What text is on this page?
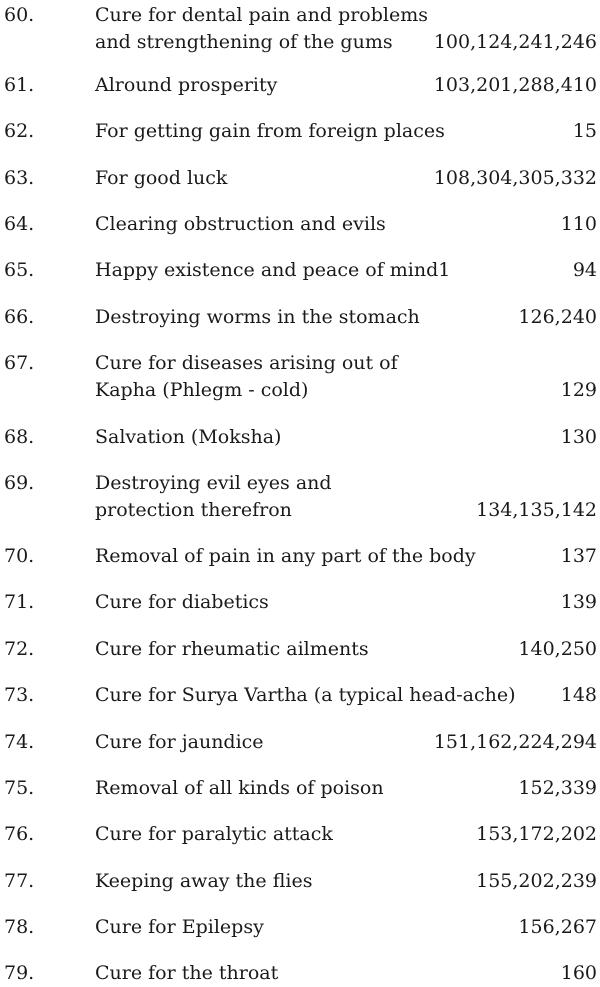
60.	Cure for dental pain and problems
and strengthening of the gums	100,124,241,246
61.	Alround prosperity	103,201,288,410
62.	For getting gain from foreign places	15
63.	For good luck	108,304,305,332
64.	Clearing obstruction and evils	110
65.	Happy existence and peace of mind1	94
66.	Destroying worms in the stomach	126,240
67.	Cure for diseases arising out of
Kapha (Phlegm - cold)	129
68.	Salvation (Moksha)	130
69.	Destroying evil eyes and
protection therefron	134,135,142
70.	Removal of pain in any part of the body	137
71.	Cure for diabetics	139
72.	Cure for rheumatic ailments	140,250
73.	Cure for Surya Vartha (a typical head-ache) 148
74.	Cure for jaundice	151,162,224,294
75.	Removal of all kinds of poison	152,339
76.	Cure for paralytic attack	153,172,202
77.	Keeping away the flies	155,202,239
78.	Cure for Epilepsy	156,267
79.	Cure for the throat	160
